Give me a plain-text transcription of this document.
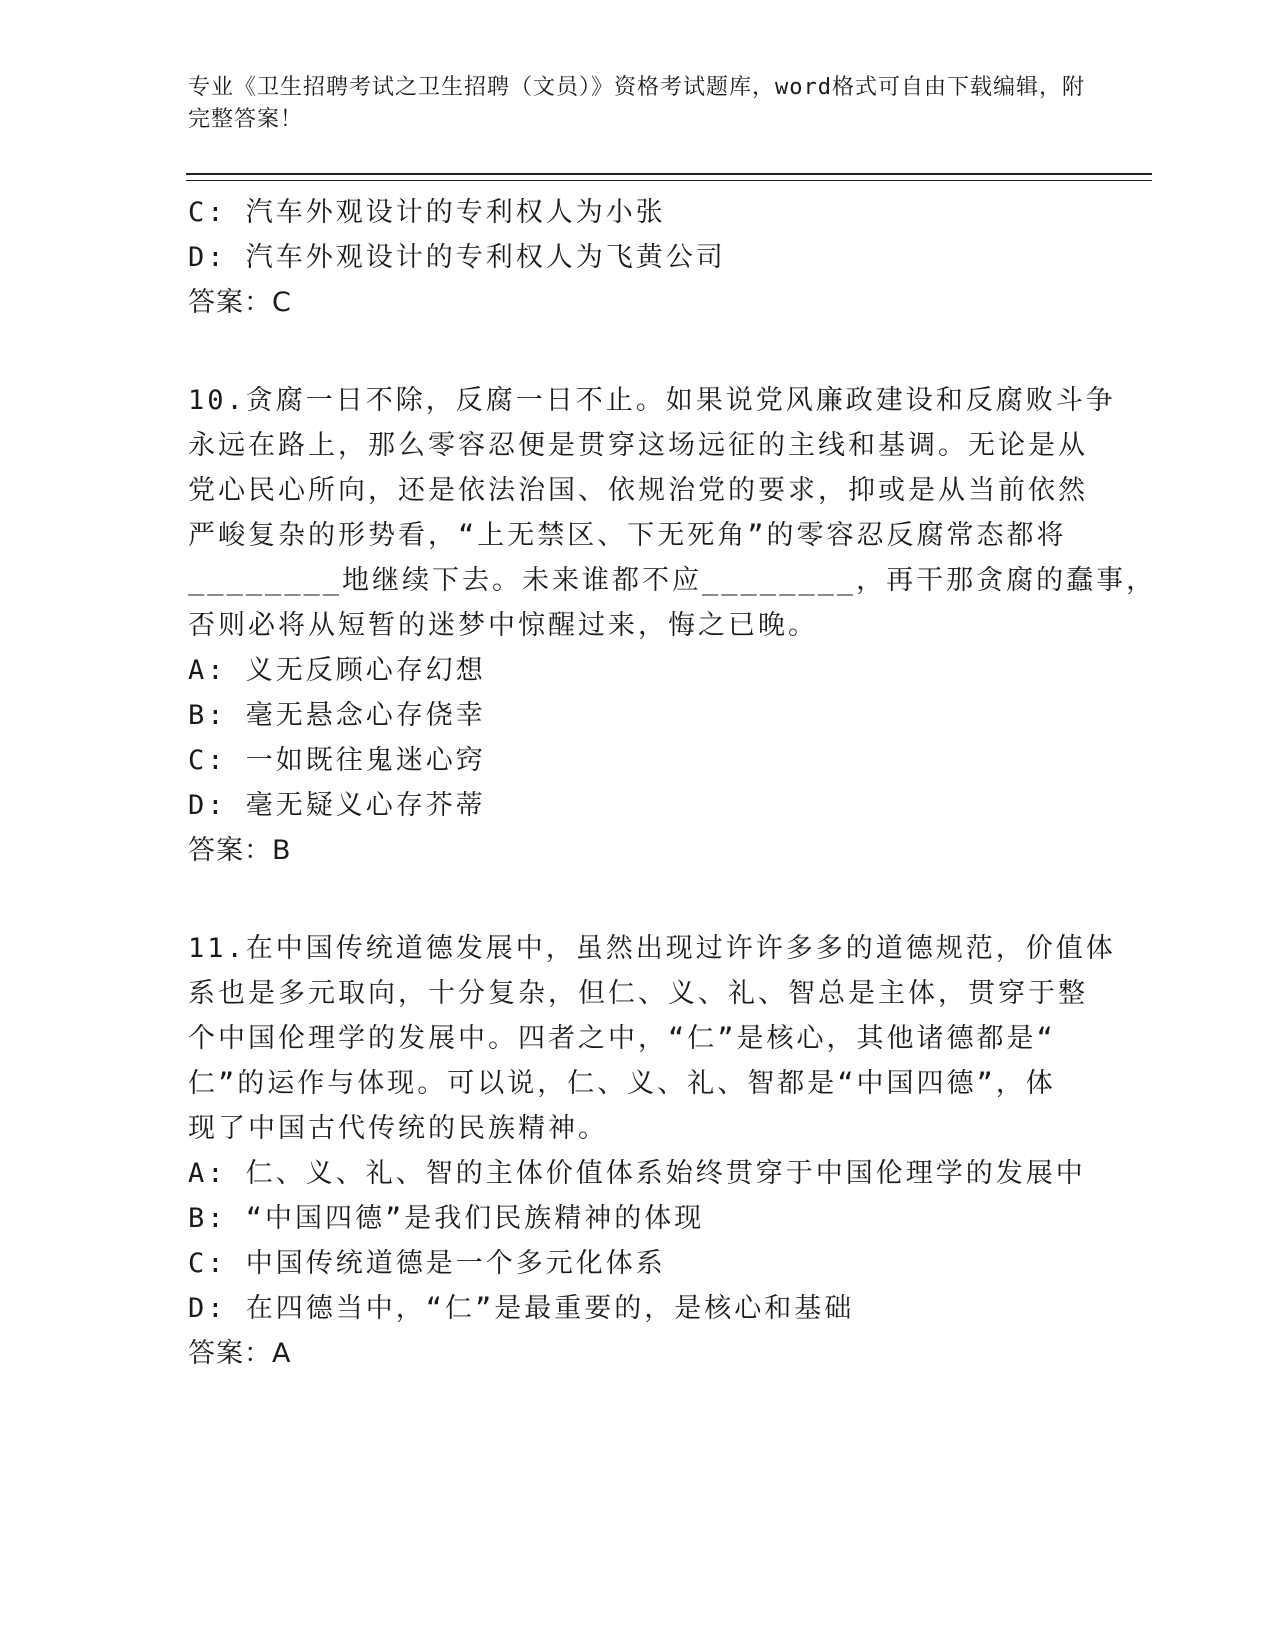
专业《卫生招聘考试之卫生招聘（文员）》资格考试题库，word格式可自由下载编辑，附完整答案！
C: 汽车外观设计的专利权人为小张
D: 汽车外观设计的专利权人为飞黄公司
答案：C
10.贪腐一日不除，反腐一日不止。如果说党风廉政建设和反腐败斗争
永远在路上，那么零容忍便是贯穿这场远征的主线和基调。无论是从
党心民心所向，还是依法治国、依规治党的要求，抑或是从当前依然
严峻复杂的形势看，“上无禁区、下无死角”的零容忍反腐常态都将
________地继续下去。未来谁都不应________，再干那贪腐的蠢事，
否则必将从短暂的迷梦中惊醒过来，悔之已晚。
A: 义无反顾心存幻想
B: 毫无悬念心存侥幸
C: 一如既往鬼迷心窍
D: 毫无疑义心存芥蒂
答案：B
11.在中国传统道德发展中，虽然出现过许许多多的道德规范，价值体
系也是多元取向，十分复杂，但仁、义、礼、智总是主体，贯穿于整
个中国伦理学的发展中。四者之中，“仁”是核心，其他诸德都是“
仁”的运作与体现。可以说，仁、义、礼、智都是“中国四德”，体
现了中国古代传统的民族精神。
A: 仁、义、礼、智的主体价值体系始终贯穿于中国伦理学的发展中
B: “中国四德”是我们民族精神的体现
C: 中国传统道德是一个多元化体系
D: 在四德当中，“仁”是最重要的，是核心和基础
答案：A
